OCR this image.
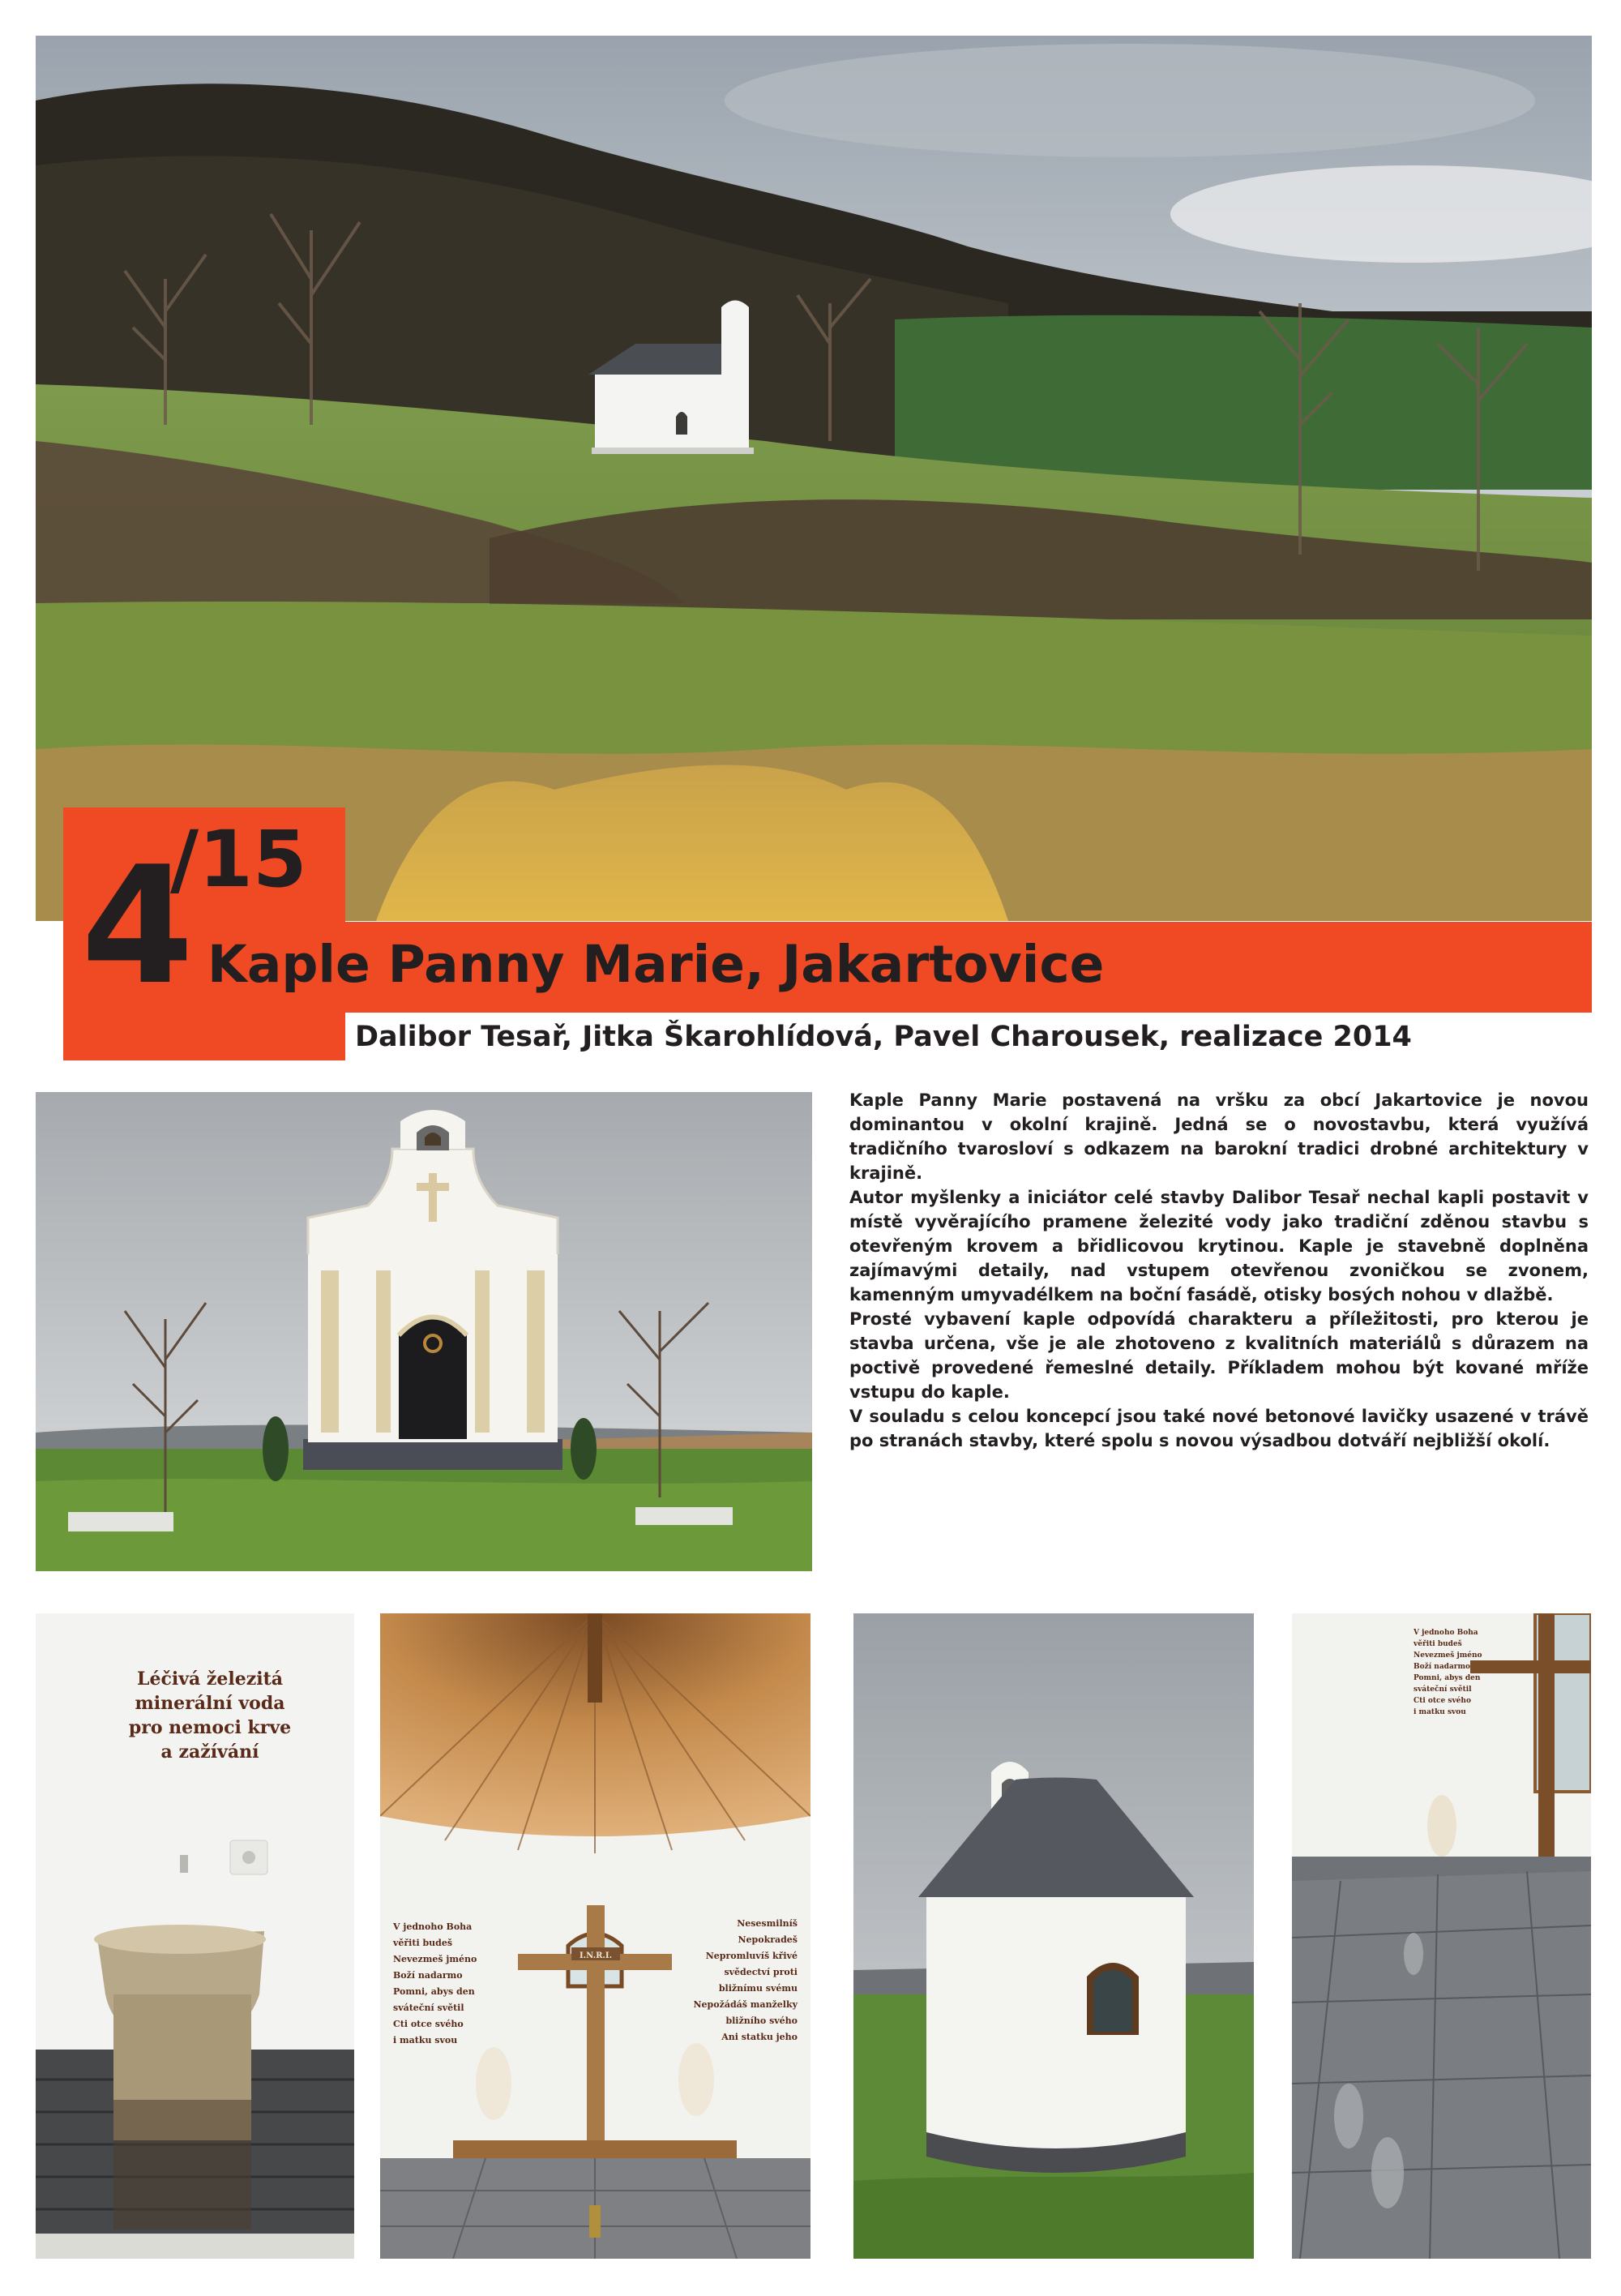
4
/15
Kaple Panny Marie, Jakartovice
Dalibor Tesař, Jitka Škarohlídová, Pavel Charousek, realizace 2014

Kaple Panny Marie postavená na vršku za obcí Jakartovice je novou dominantou v okolní krajině. Jedná se o novostavbu, která využívá tradičního tvarosloví s odkazem na barokní tradici drobné architektury v krajině.

Autor myšlenky a iniciátor celé stavby Dalibor Tesař nechal kapli postavit v místě vyvěrajícího pramene železité vody jako tradiční zděnou stavbu s otevřeným krovem a břidlicovou krytinou. Kaple je stavebně doplněna zajímavými detaily, nad vstupem otevřenou zvoničkou se zvonem, kamenným umyvadélkem na boční fasádě, otisky bosých nohou v dlažbě.

Prosté vybavení kaple odpovídá charakteru a příležitosti, pro kterou je stavba určena, vše je ale zhotoveno z kvalitních materiálů s důrazem na poctivě provedené řemeslné detaily. Příkladem mohou být kované mříže vstupu do kaple.

V souladu s celou koncepcí jsou také nové betonové lavičky usazené v trávě po stranách stavby, které spolu s novou výsadbou dotváří nejbližší okolí.

Léčivá železitá
minerální voda
pro nemoci krve
a zažívání
I.N.R.I.
V jednoho Boha
věřiti budeš
Nevezmeš jméno
Boží nadarmo
Pomni, abys den
sváteční světil
Cti otce svého
i matku svou
Nesesmilníš
Nepokradeš
Nepromluvíš křivé
svědectví proti
bližnímu svému
Nepožádáš manželky
bližního svého
Ani statku jeho
V jednoho Boha
věřiti budeš
Nevezmeš jméno
Boží nadarmo
Pomni, abys den
sváteční světil
Cti otce svého
i matku svou
